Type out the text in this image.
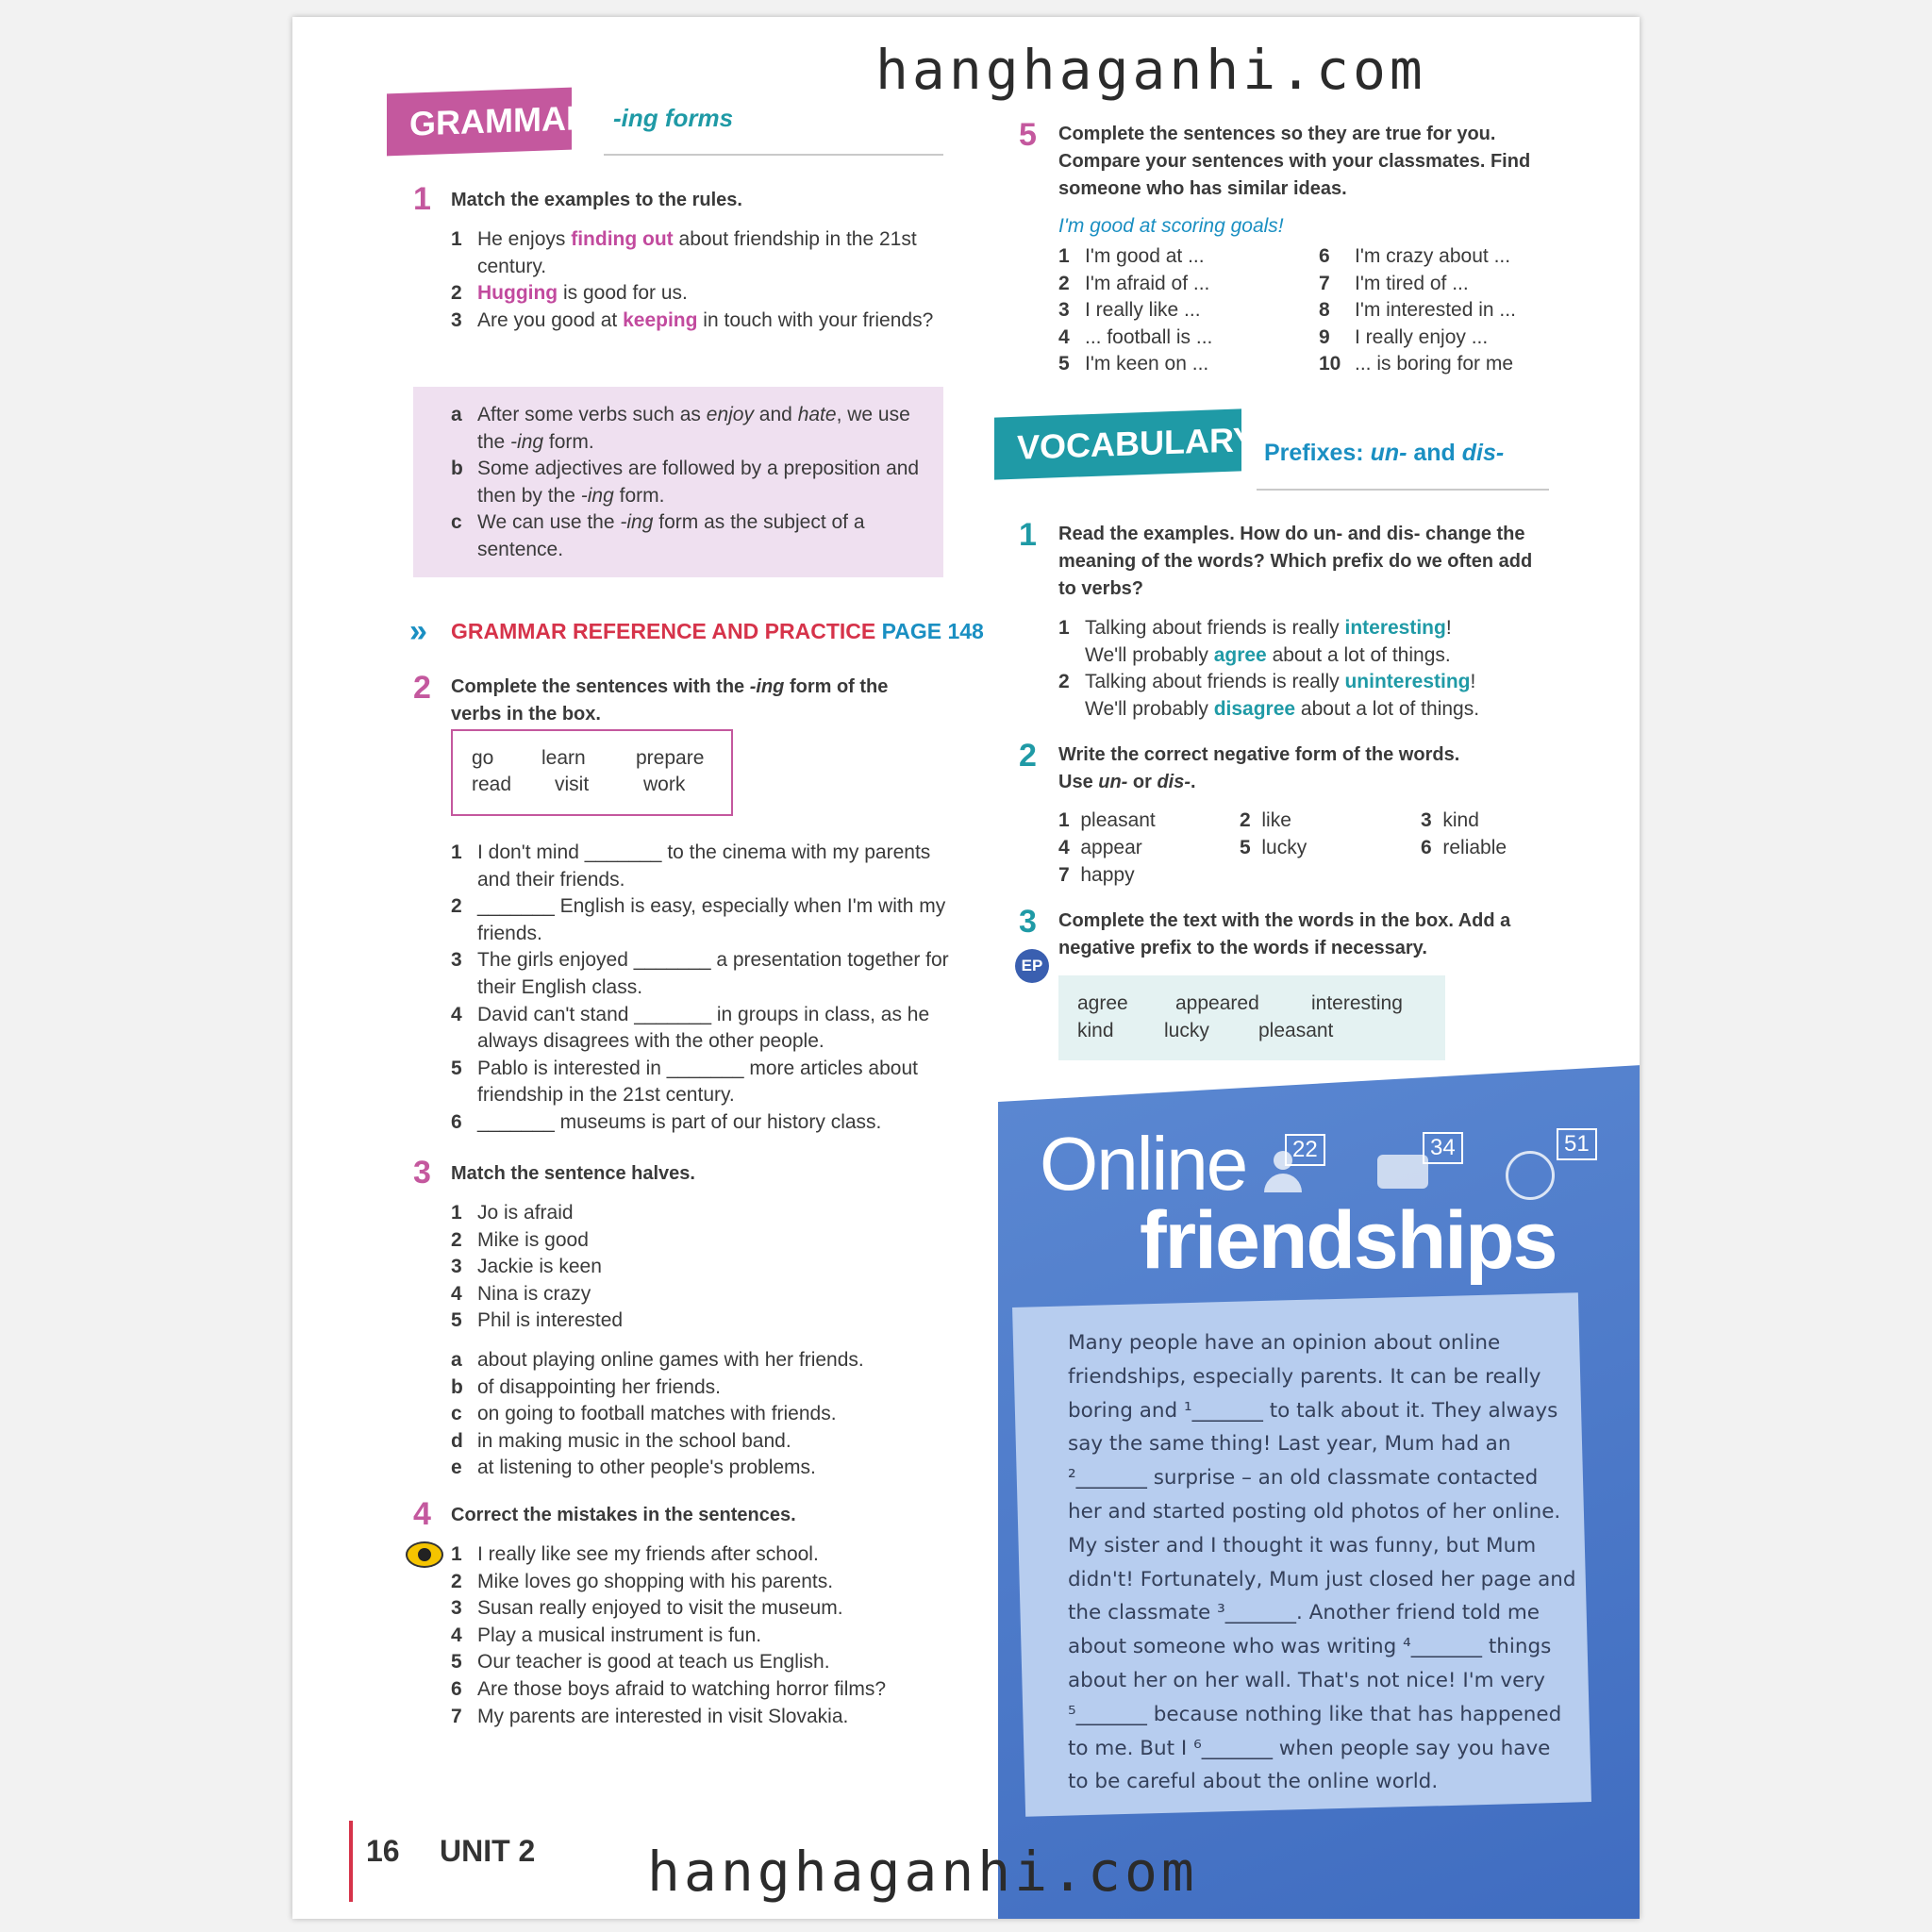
GRAMMAR -ing forms
1 Match the examples to the rules.
1 He enjoys finding out about friendship in the 21st century.
2 Hugging is good for us.
3 Are you good at keeping in touch with your friends?
a After some verbs such as enjoy and hate, we use the -ing form.
b Some adjectives are followed by a preposition and then by the -ing form.
c We can use the -ing form as the subject of a sentence.
» GRAMMAR REFERENCE AND PRACTICE PAGE 148
2 Complete the sentences with the -ing form of the verbs in the box.
go learn	prepare
read visit	work
1 I don't mind _______ to the cinema with my parents and their friends.
2 _______ English is easy, especially when I'm with my friends.
3 The girls enjoyed _______ a presentation together for their English class.
4 David can't stand _______ in groups in class, as he always disagrees with the other people.
5 Pablo is interested in _______ more articles about friendship in the 21st century.
6 _______ museums is part of our history class.
3 Match the sentence halves.
1 Jo is afraid
2 Mike is good
3 Jackie is keen
4 Nina is crazy
5 Phil is interested
a about playing online games with her friends.
b of disappointing her friends.
c on going to football matches with friends.
d in making music in the school band.
e at listening to other people's problems.
4 Correct the mistakes in the sentences.
1 I really like see my friends after school.
2 Mike loves go shopping with his parents.
3 Susan really enjoyed to visit the museum.
4 Play a musical instrument is fun.
5 Our teacher is good at teach us English.
6 Are those boys afraid to watching horror films?
7 My parents are interested in visit Slovakia.
16 UNIT 2
5 Complete the sentences so they are true for you. Compare your sentences with your classmates. Find someone who has similar ideas.
I'm good at scoring goals!
1 I'm good at ...
2 I'm afraid of ...
3 I really like ...
4 ... football is ...
5 I'm keen on ...
6	I'm crazy about ...
7	I'm tired of ...
8	I'm interested in ...
9	I really enjoy ...
10 ... is boring for me
VOCABULARY Prefixes: un- and dis-
1 Read the examples. How do un- and dis- change the meaning of the words? Which prefix do we often add to verbs?
1 Talking about friends is really interesting!
We'll probably agree about a lot of things.
2 Talking about friends is really uninteresting!
We'll probably disagree about a lot of things.
2 Write the correct negative form of the words.
Use un- or dis-.
1 pleasant	2 like	3 kind
4 appear	5 lucky	6 reliable
7 happy
3
EP
Complete the text with the words in the box. Add a negative prefix to the words if necessary.
agree appeared	interesting
kind	lucky pleasant
Online
friendships
22	34	51
Many people have an opinion about online
friendships, especially parents. It can be really
boring and ¹_______ to talk about it. They always
say the same thing! Last year, Mum had an
²_______ surprise – an old classmate contacted
her and started posting old photos of her online.
My sister and I thought it was funny, but Mum
didn't! Fortunately, Mum just closed her page and
the classmate ³_______. Another friend told me
about someone who was writing ⁴_______ things
about her on her wall. That's not nice! I'm very
⁵_______ because nothing like that has happened
to me. But I ⁶_______ when people say you have
to be careful about the online world.
hanghaganhi.com
hanghaganhi.com
